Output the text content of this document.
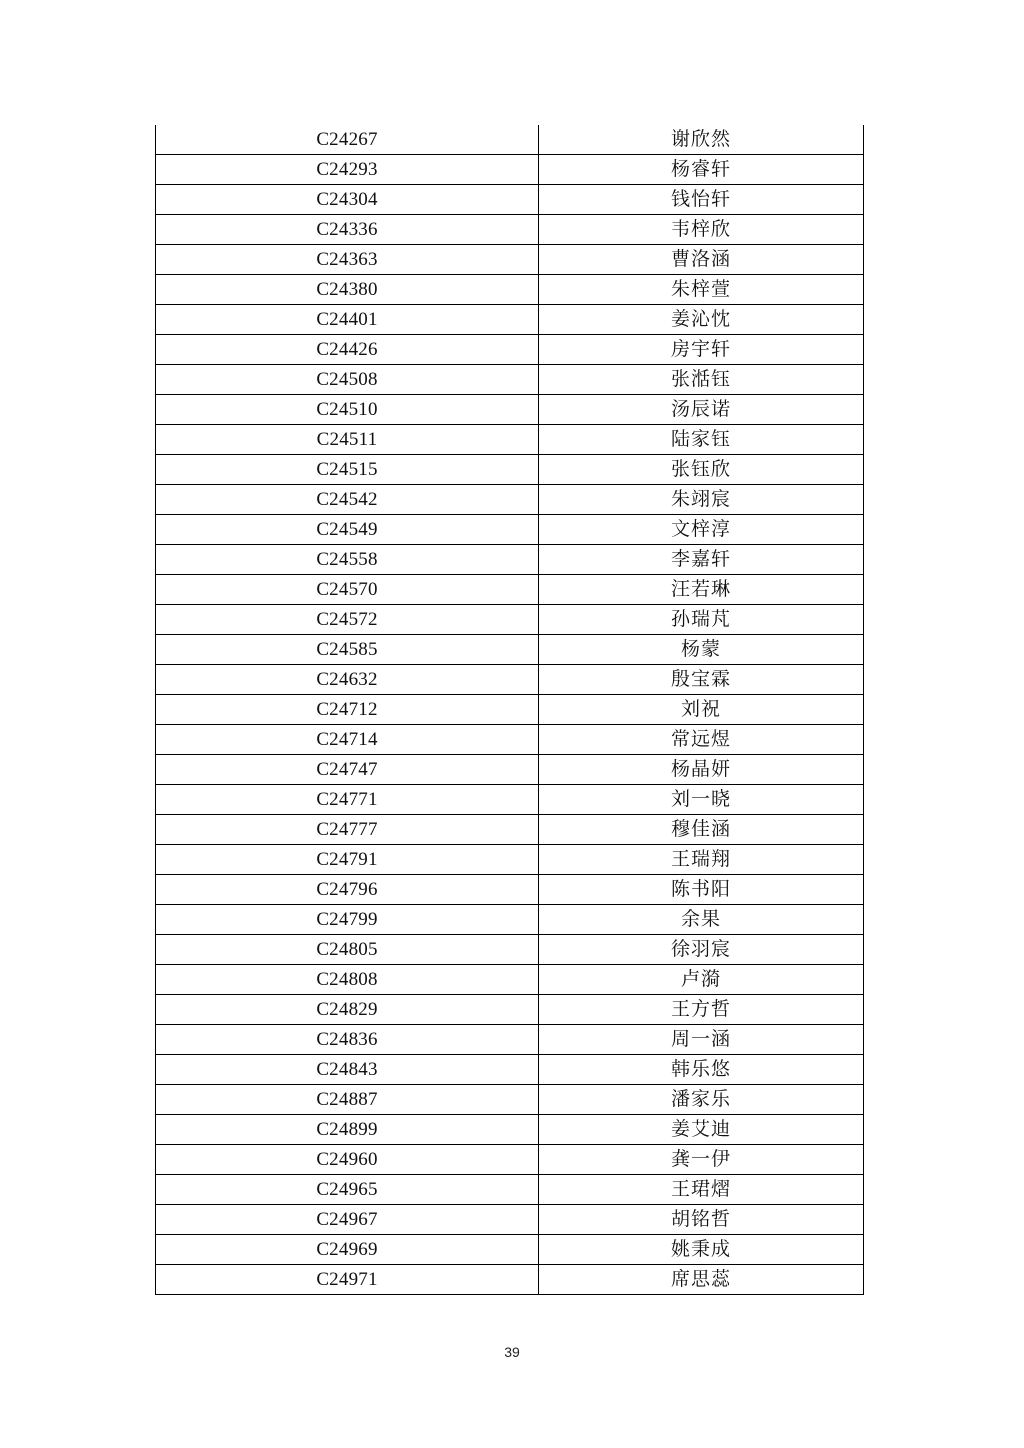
C24267	谢欣然
C24293	杨睿轩
C24304	钱怡轩
C24336	韦梓欣
C24363	曹洛涵
C24380	朱梓萱
C24401	姜沁忱
C24426	房宇轩
C24508	张湉钰
C24510	汤辰诺
C24511	陆家钰
C24515	张钰欣
C24542	朱翊宸
C24549	文梓淳
C24558	李嘉轩
C24570	汪若琳
C24572	孙瑞芃
C24585	杨蒙
C24632	殷宝霖
C24712	刘祝
C24714	常远煜
C24747	杨晶妍
C24771	刘一晓
C24777	穆佳涵
C24791	王瑞翔
C24796	陈书阳
C24799	余果
C24805	徐羽宸
C24808	卢漪
C24829	王方哲
C24836	周一涵
C24843	韩乐悠
C24887	潘家乐
C24899	姜艾迪
C24960	龚一伊
C24965	王珺熠
C24967	胡铭哲
C24969	姚秉成
C24971	席思蕊
39
